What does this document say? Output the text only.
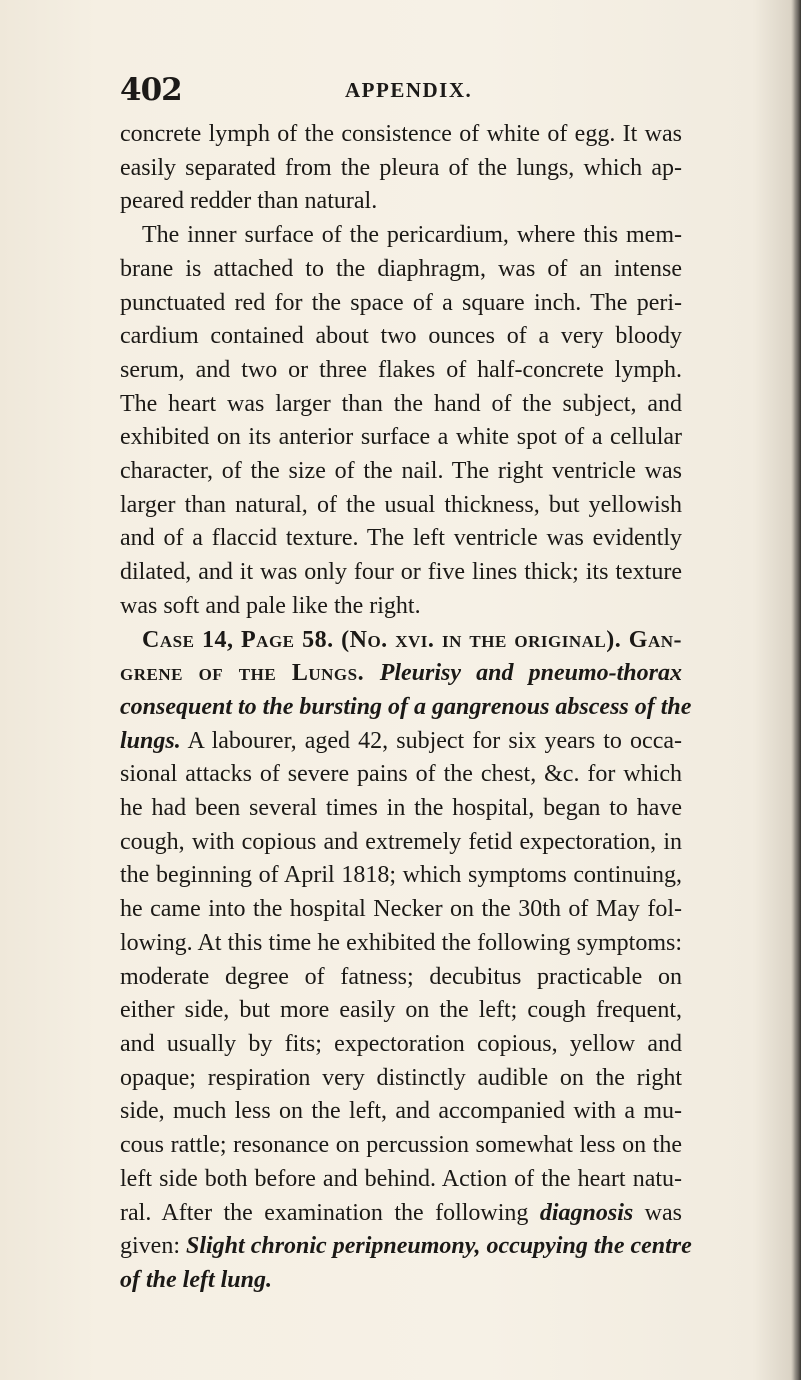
402	APPENDIX.
concrete lymph of the consistence of white of egg. It was
easily separated from the pleura of the lungs, which ap-
peared redder than natural.
The inner surface of the pericardium, where this mem-
brane is attached to the diaphragm, was of an intense
punctuated red for the space of a square inch. The peri-
cardium contained about two ounces of a very bloody
serum, and two or three flakes of half-concrete lymph.
The heart was larger than the hand of the subject, and
exhibited on its anterior surface a white spot of a cellular
character, of the size of the nail. The right ventricle was
larger than natural, of the usual thickness, but yellowish
and of a flaccid texture. The left ventricle was evidently
dilated, and it was only four or five lines thick; its texture
was soft and pale like the right.
Case 14, Page 58. (No. xvi. in the original). Gan-
grene of the Lungs. Pleurisy and pneumo-thorax
consequent to the bursting of a gangrenous abscess of the
lungs. A labourer, aged 42, subject for six years to occa-
sional attacks of severe pains of the chest, &c. for which
he had been several times in the hospital, began to have
cough, with copious and extremely fetid expectoration, in
the beginning of April 1818; which symptoms continuing,
he came into the hospital Necker on the 30th of May fol-
lowing. At this time he exhibited the following symptoms:
moderate degree of fatness; decubitus practicable on
either side, but more easily on the left; cough frequent,
and usually by fits; expectoration copious, yellow and
opaque; respiration very distinctly audible on the right
side, much less on the left, and accompanied with a mu-
cous rattle; resonance on percussion somewhat less on the
left side both before and behind. Action of the heart natu-
ral. After the examination the following diagnosis was
given: Slight chronic peripneumony, occupying the centre
of the left lung.
